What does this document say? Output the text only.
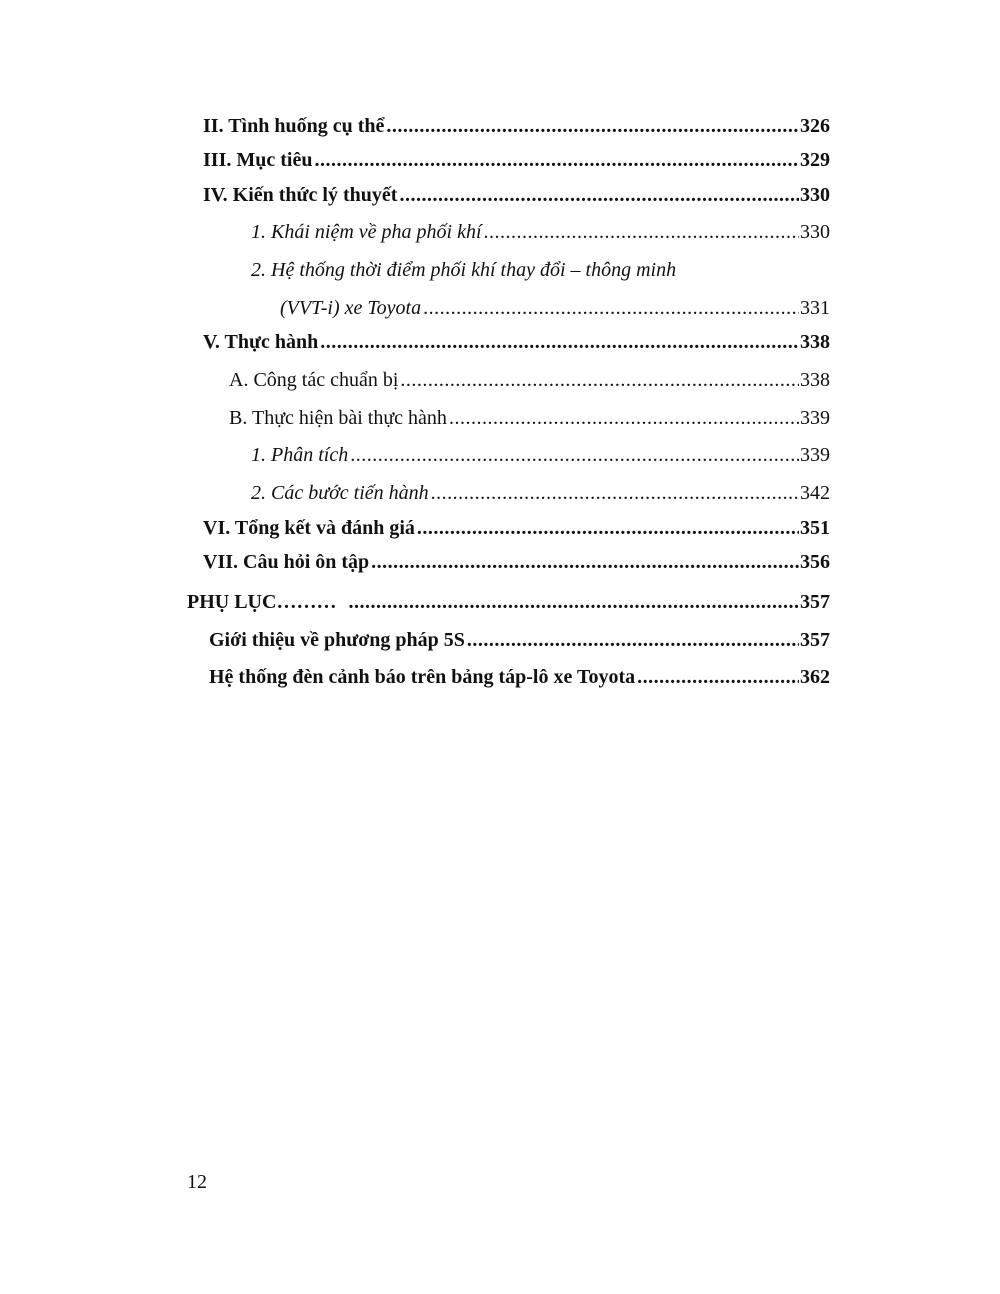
II. Tình huống cụ thể .....	326
III. Mục tiêu .....	329
IV. Kiến thức lý thuyết .....	330
1. Khái niệm về pha phối khí .....	330
2. Hệ thống thời điểm phối khí thay đổi – thông minh
(VVT-i) xe Toyota .....	331
V. Thực hành .....	338
A. Công tác chuẩn bị .....	338
B. Thực hiện bài thực hành .....	339
1. Phân tích .....	339
2. Các bước tiến hành .....	342
VI. Tổng kết và đánh giá .....	351
VII. Câu hỏi ôn tập .....	356
PHỤ LỤC……… .....	357
Giới thiệu về phương pháp 5S .....	357
Hệ thống đèn cảnh báo trên bảng táp-lô xe Toyota .....	362
12
